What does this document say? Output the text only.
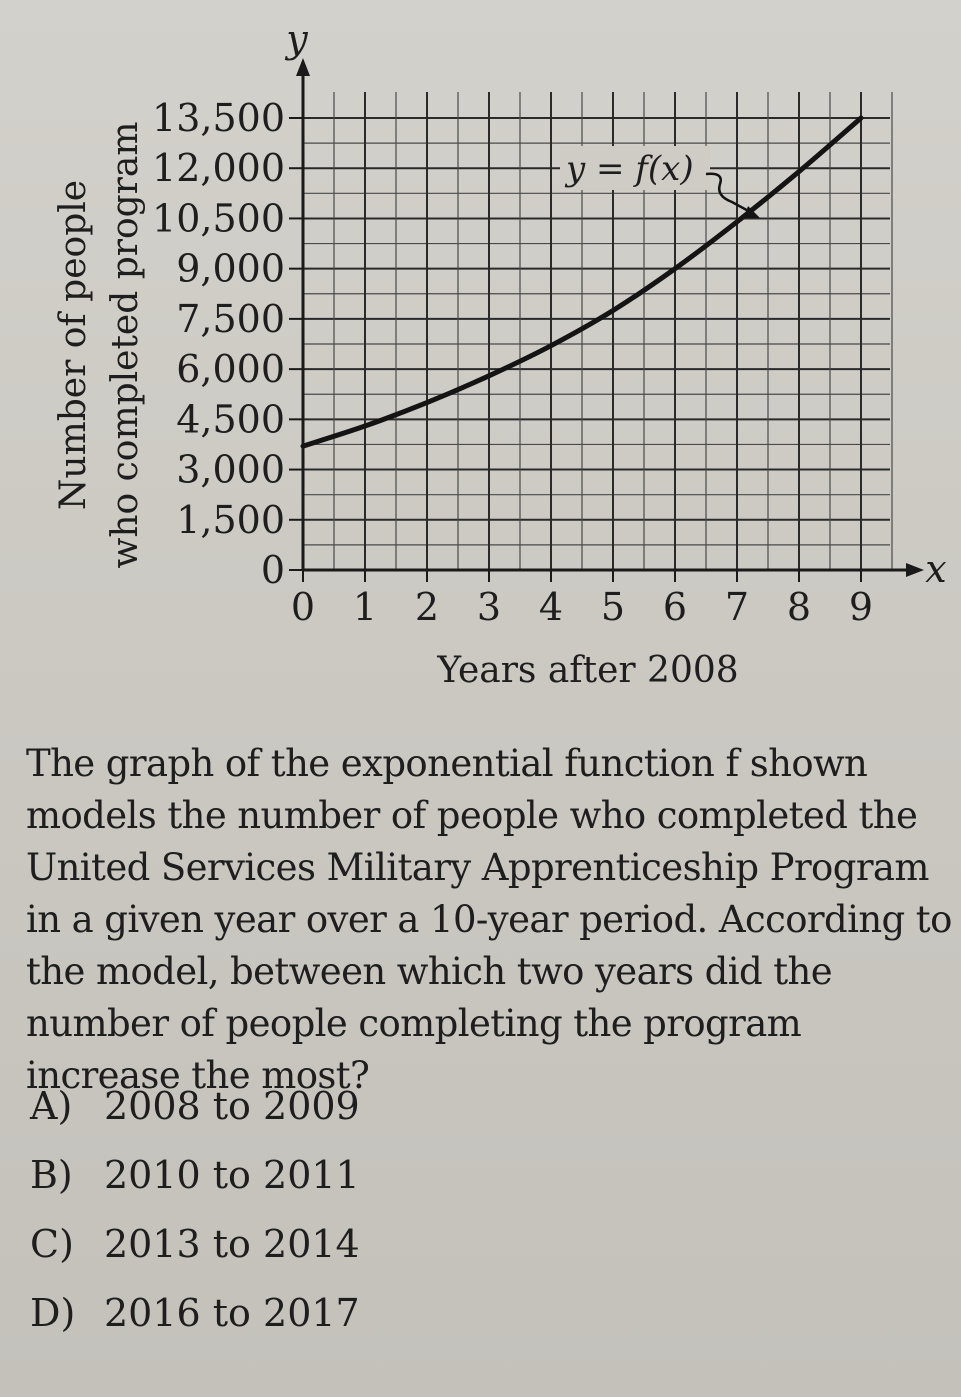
Number of people who completed program
y
x
13,500
12,000
10,500
9,000
7,500
6,000
4,500
3,000
1,500
0
0 1 2 3 4 5 6 7 8 9
y = f(x)
Years after 2008

The graph of the exponential function f shown models the number of people who completed the United Services Military Apprenticeship Program in a given year over a 10-year period. According to the model, between which two years did the number of people completing the program increase the most?

A) 2008 to 2009
B) 2010 to 2011
C) 2013 to 2014
D) 2016 to 2017
